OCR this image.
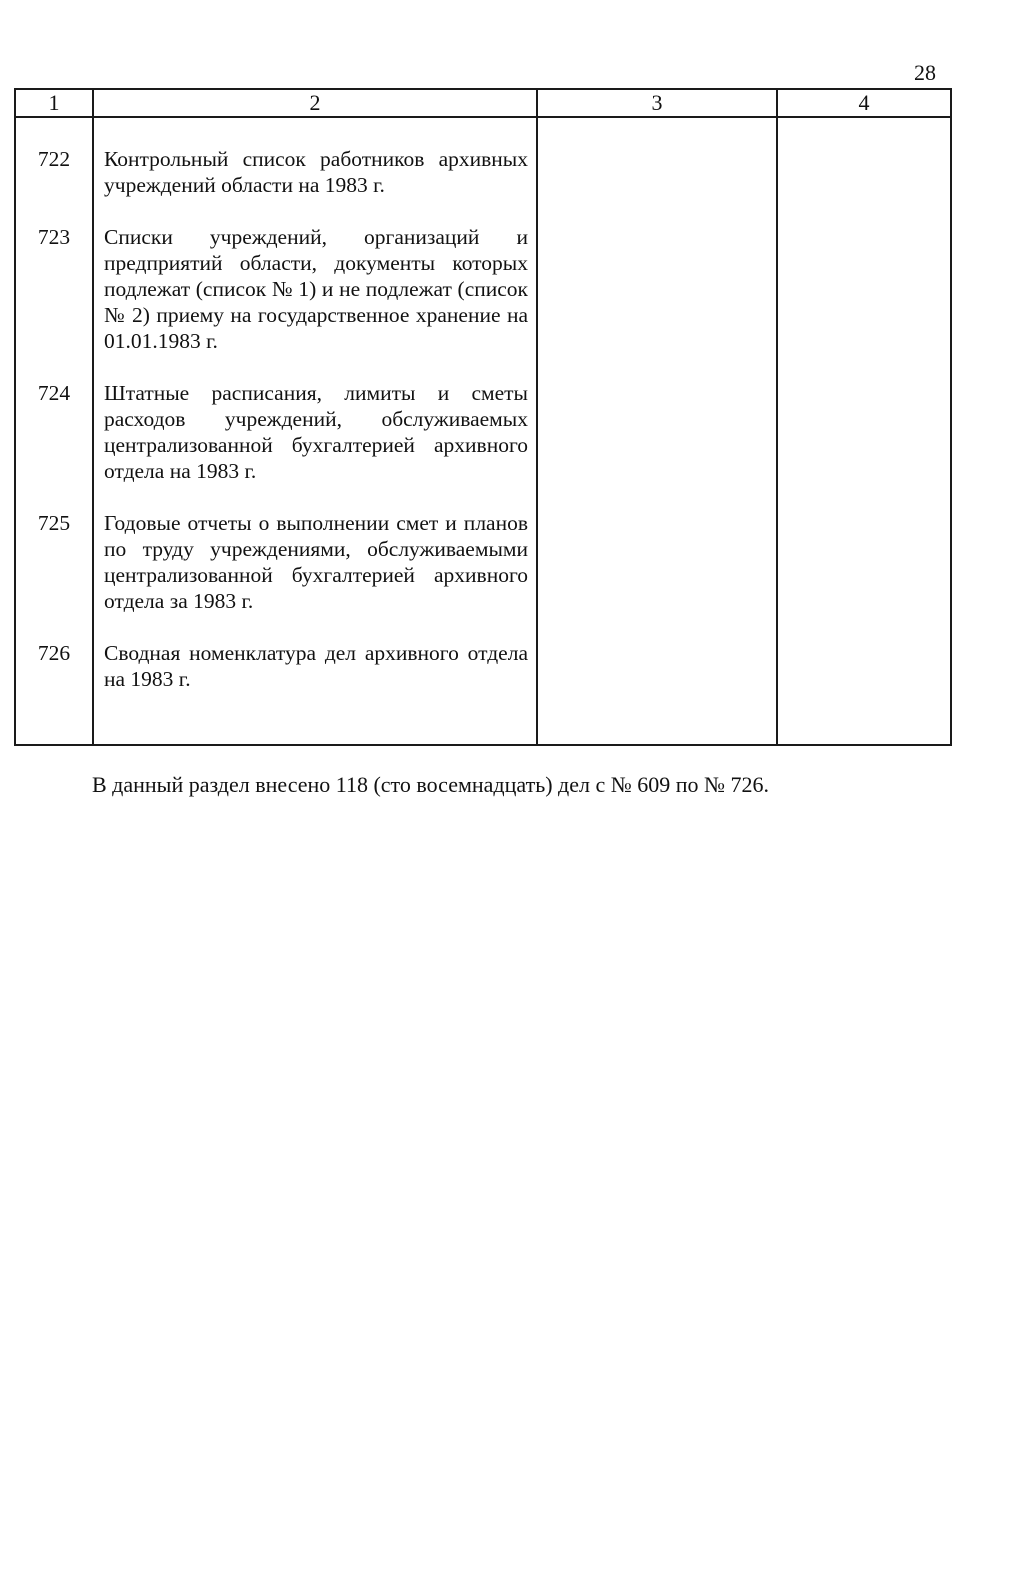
28
1	2	3	4
722	Контрольный список работников архивных учреждений области на 1983 г.		
723	Списки учреждений, организаций и предприятий области, документы которых подлежат (список № 1) и не подлежат (список № 2) приему на государственное хранение на 01.01.1983 г.		
724	Штатные расписания, лимиты и сметы расходов учреждений, обслуживаемых централизованной бухгалтерией архивного отдела на 1983 г.		
725	Годовые отчеты о выполнении смет и планов по труду учреждениями, обслуживаемыми централизованной бухгалтерией архивного отдела за 1983 г.		
726	Сводная номенклатура дел архивного отдела на 1983 г.		
В данный раздел внесено 118 (сто восемнадцать) дел с № 609 по № 726.
